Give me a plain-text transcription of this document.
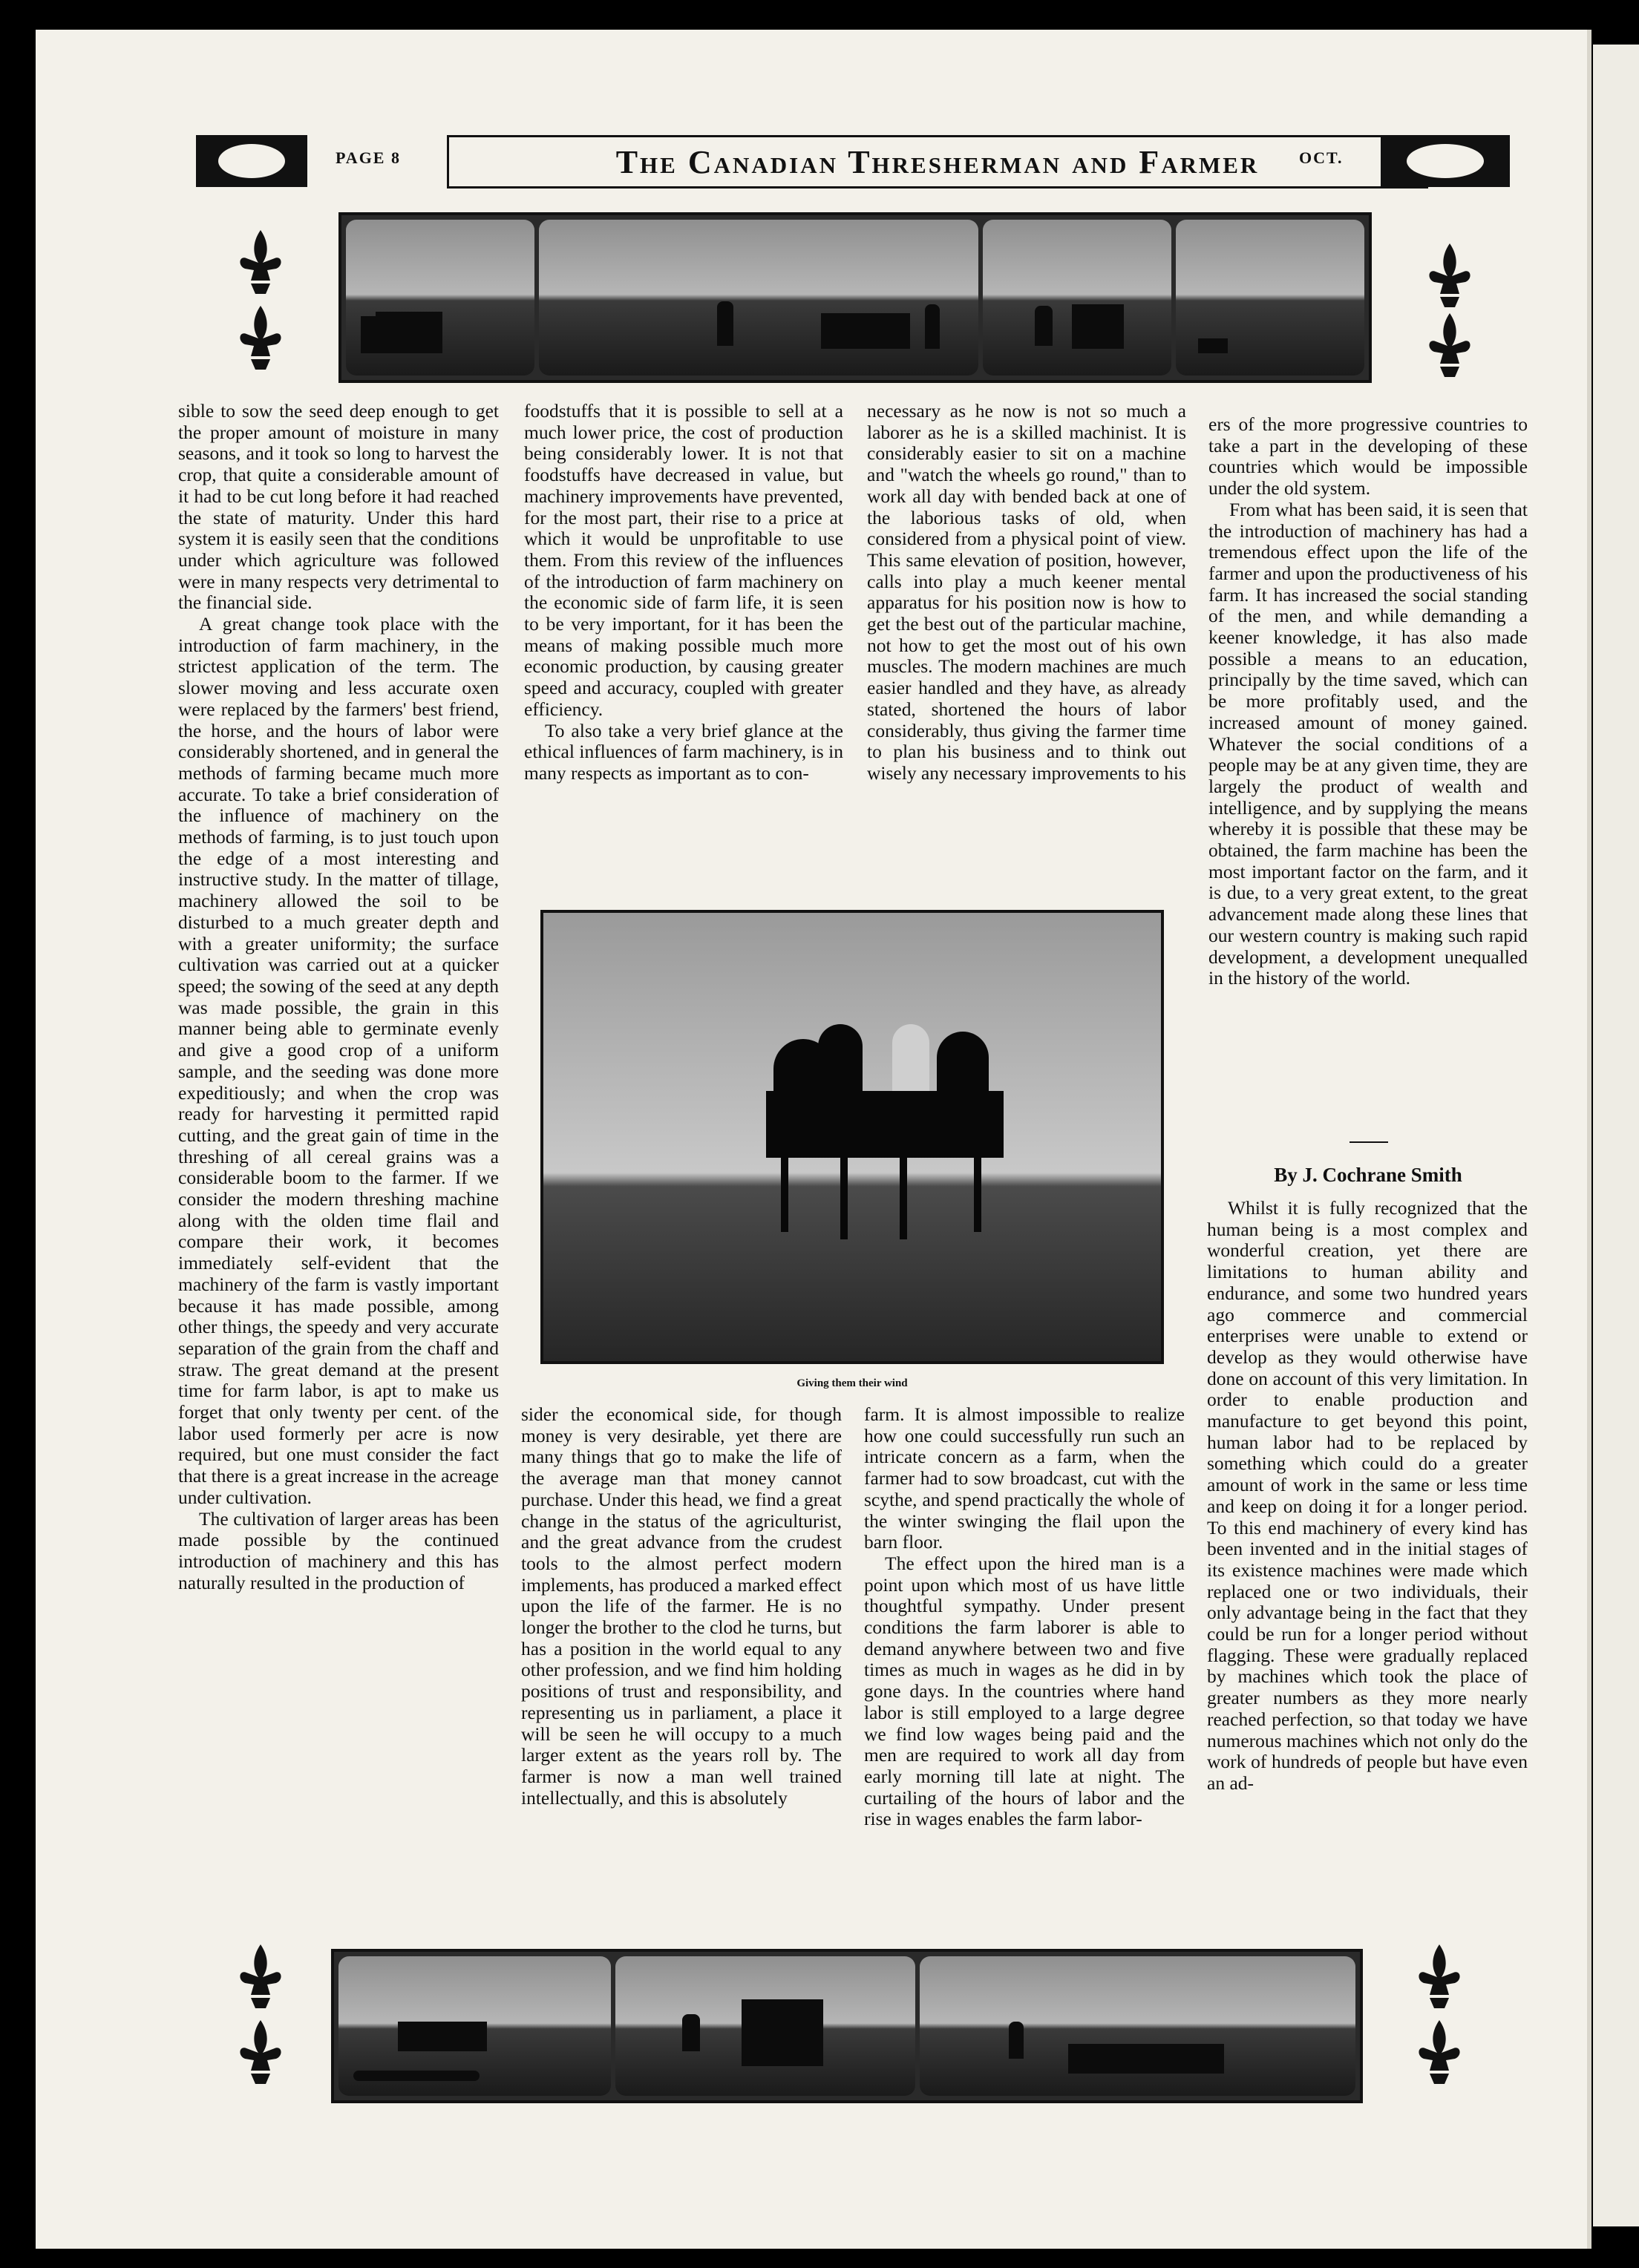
PAGE 8	The Canadian Thresherman and Farmer	OCT.

sible to sow the seed deep enough to get the proper amount of moisture in many seasons, and it took so long to harvest the crop, that quite a considerable amount of it had to be cut long before it had reached the state of maturity. Under this hard system it is easily seen that the conditions under which agriculture was followed were in many respects very detrimental to the financial side.

A great change took place with the introduction of farm machinery, in the strictest application of the term. The slower moving and less accurate oxen were replaced by the farmers' best friend, the horse, and the hours of labor were considerably shortened, and in general the methods of farming became much more accurate. To take a brief consideration of the influence of machinery on the methods of farming, is to just touch upon the edge of a most interesting and instructive study. In the matter of tillage, machinery allowed the soil to be disturbed to a much greater depth and with a greater uniformity; the surface cultivation was carried out at a quicker speed; the sowing of the seed at any depth was made possible, the grain in this manner being able to germinate evenly and give a good crop of a uniform sample, and the seeding was done more expeditiously; and when the crop was ready for harvesting it permitted rapid cutting, and the great gain of time in the threshing of all cereal grains was a considerable boom to the farmer. If we consider the modern threshing machine along with the olden time flail and compare their work, it becomes immediately self-evident that the machinery of the farm is vastly important because it has made possible, among other things, the speedy and very accurate separation of the grain from the chaff and straw. The great demand at the present time for farm labor, is apt to make us forget that only twenty per cent. of the labor used formerly per acre is now required, but one must consider the fact that there is a great increase in the acreage under cultivation.

The cultivation of larger areas has been made possible by the continued introduction of machinery and this has naturally resulted in the production of

foodstuffs that it is possible to sell at a much lower price, the cost of production being considerably lower. It is not that foodstuffs have decreased in value, but machinery improvements have prevented, for the most part, their rise to a price at which it would be unprofitable to use them. From this review of the influences of the introduction of farm machinery on the economic side of farm life, it is seen to be very important, for it has been the means of making possible much more economic production, by causing greater speed and accuracy, coupled with greater efficiency.

To also take a very brief glance at the ethical influences of farm machinery, is in many respects as important as to con-

necessary as he now is not so much a laborer as he is a skilled machinist. It is considerably easier to sit on a machine and "watch the wheels go round," than to work all day with bended back at one of the laborious tasks of old, when considered from a physical point of view. This same elevation of position, however, calls into play a much keener mental apparatus for his position now is how to get the best out of the particular machine, not how to get the most out of his own muscles. The modern machines are much easier handled and they have, as already stated, shortened the hours of labor considerably, thus giving the farmer time to plan his business and to think out wisely any necessary improvements to his

Giving them their wind

ers of the more progressive countries to take a part in the developing of these countries which would be impossible under the old system.

From what has been said, it is seen that the introduction of machinery has had a tremendous effect upon the life of the farmer and upon the productiveness of his farm. It has increased the social standing of the men, and while demanding a keener knowledge, it has also made possible a means to an education, principally by the time saved, which can be more profitably used, and the increased amount of money gained. Whatever the social conditions of a people may be at any given time, they are largely the product of wealth and intelligence, and by supplying the means whereby it is possible that these may be obtained, the farm machine has been the most important factor on the farm, and it is due, to a very great extent, to the great advancement made along these lines that our western country is making such rapid development, a development unequalled in the history of the world.

By J. Cochrane Smith

Whilst it is fully recognized that the human being is a most complex and wonderful creation, yet there are limitations to human ability and endurance, and some two hundred years ago commerce and commercial enterprises were unable to extend or develop as they would otherwise have done on account of this very limitation. In order to enable production and manufacture to get beyond this point, human labor had to be replaced by something which could do a greater amount of work in the same or less time and keep on doing it for a longer period. To this end machinery of every kind has been invented and in the initial stages of its existence machines were made which replaced one or two individuals, their only advantage being in the fact that they could be run for a longer period without flagging. These were gradually replaced by machines which took the place of greater numbers as they more nearly reached perfection, so that today we have numerous machines which not only do the work of hundreds of people but have even an ad-

sider the economical side, for though money is very desirable, yet there are many things that go to make the life of the average man that money cannot purchase. Under this head, we find a great change in the status of the agriculturist, and the great advance from the crudest tools to the almost perfect modern implements, has produced a marked effect upon the life of the farmer. He is no longer the brother to the clod he turns, but has a position in the world equal to any other profession, and we find him holding positions of trust and responsibility, and representing us in parliament, a place it will be seen he will occupy to a much larger extent as the years roll by. The farmer is now a man well trained intellectually, and this is absolutely

farm. It is almost impossible to realize how one could successfully run such an intricate concern as a farm, when the farmer had to sow broadcast, cut with the scythe, and spend practically the whole of the winter swinging the flail upon the barn floor.

The effect upon the hired man is a point upon which most of us have little thoughtful sympathy. Under present conditions the farm laborer is able to demand anywhere between two and five times as much in wages as he did in by gone days. In the countries where hand labor is still employed to a large degree we find low wages being paid and the men are required to work all day from early morning till late at night. The curtailing of the hours of labor and the rise in wages enables the farm labor-
